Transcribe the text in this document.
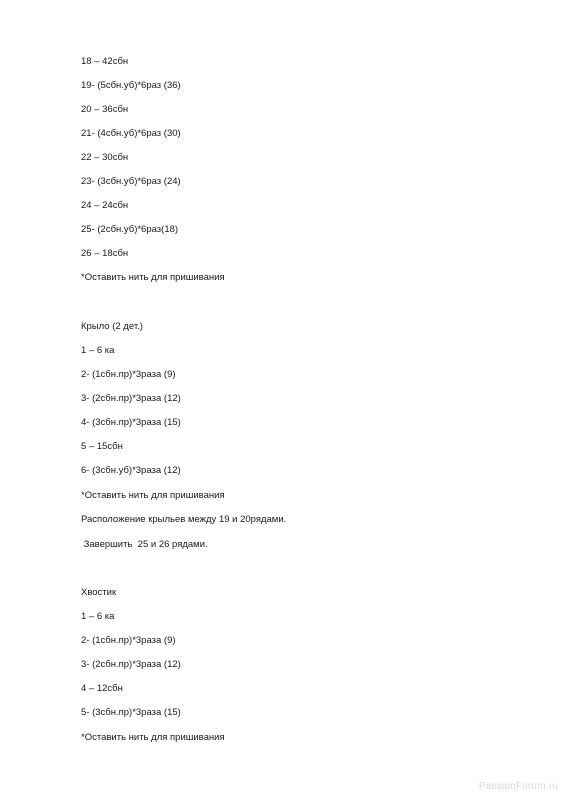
18 – 42сбн
19- (5сбн.уб)*6раз (36)
20 – 36сбн
21- (4сбн.уб)*6раз (30)
22 – 30сбн
23- (3сбн.уб)*6раз (24)
24 – 24сбн
25- (2сбн.уб)*6раз(18)
26 – 18сбн
*Оставить нить для пришивания
Крыло (2 дет.)
1 – 6 ка
2- (1сбн.пр)*3раза (9)
3- (2сбн.пр)*3раза (12)
4- (3сбн.пр)*3раза (15)
5 – 15сбн
6- (3сбн.уб)*3раза (12)
*Оставить нить для пришивания
Расположение крыльев между 19 и 20рядами.
Завершить  25 и 26 рядами.
Хвостик
1 – 6 ка
2- (1сбн.пр)*3раза (9)
3- (2сбн.пр)*3раза (12)
4 – 12сбн
5- (3сбн.пр)*3раза (15)
*Оставить нить для пришивания
PassionForum.ru
